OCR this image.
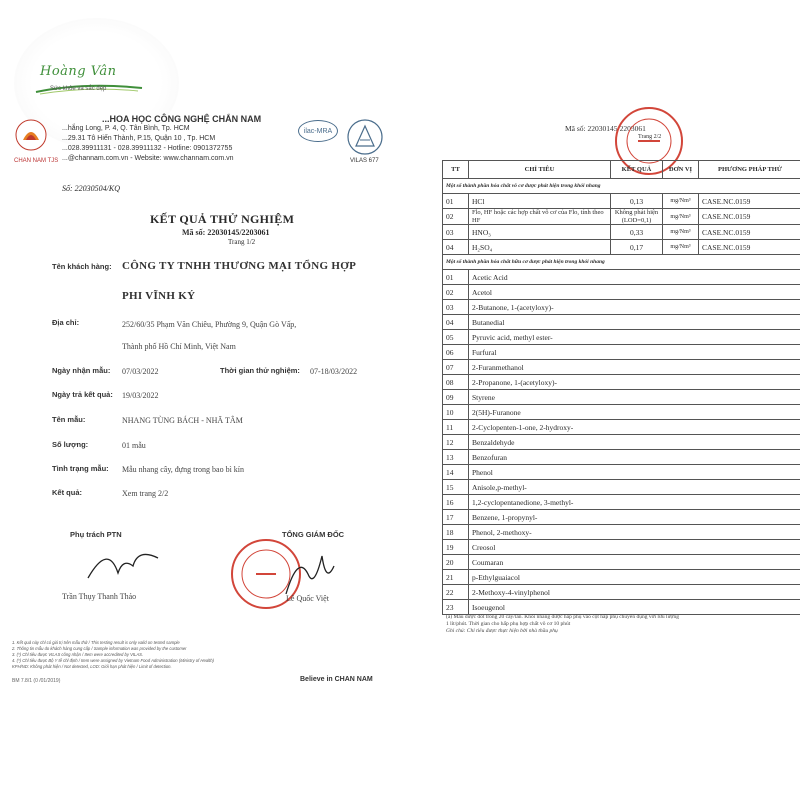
Hoàng Vân
Sức khỏe và sắc đẹp
CHAN NAM TJS
...HOA HỌC CÔNG NGHỆ CHẮN NAM
...hắng Long, P. 4, Q. Tân Bình, Tp. HCM
...29.31 Tô Hiến Thành, P.15, Quận 10 , Tp. HCM
...028.39911131 - 028.39911132 - Hotline: 0901372755
...@channam.com.vn - Website: www.channam.com.vn
ilac-MRA
VILAS 677
Số: 22030504/KQ
KẾT QUẢ THỬ NGHIỆM
Mã số: 22030145/2203061
Trang 1/2
Tên khách hàng: CÔNG TY TNHH THƯƠNG MẠI TỔNG HỢP
PHI VĨNH KÝ
Địa chỉ:	252/60/35 Phạm Văn Chiêu, Phường 9, Quận Gò Vấp,
Thành phố Hồ Chí Minh, Việt Nam
Ngày nhận mẫu: 07/03/2022	Thời gian thử nghiệm: 07-18/03/2022
Ngày trả kết quả: 19/03/2022
Tên mẫu:	NHANG TÙNG BÁCH - NHÃ TÂM
Số lượng:	01 mẫu
Tình trạng mẫu: Mẫu nhang cây, đựng trong bao bì kín
Kết quả:	Xem trang 2/2
Phụ trách PTN
Trần Thụy Thanh Thảo
TỔNG GIÁM ĐỐC
Lê Quốc Việt
1. Kết quả này chỉ có giá trị trên mẫu thử / This testing result is only valid on tested sample
2. Thông tin mẫu do khách hàng cung cấp / Sample information was provided by the customer
3. (*) Chỉ tiêu được VILAS công nhận / Item were accredited by VILAS.
4. (*) Chỉ tiêu được Bộ Y tế chỉ định / Item were assigned by Vietnam Food Administration (Ministry of Health)
KPH/ND: Không phát hiện / Not detected, LOD: Giới hạn phát hiện / Limit of detection.
BM 7.8/1 (0 /01/2019)	Believe in CHAN NAM
Mã số: 22030145/2203061
Trang 2/2
TT	CHỈ TIÊU	KẾT QUẢ	ĐƠN VỊ	PHƯƠNG PHÁP THỬ
Một số thành phần hóa chất vô cơ được phát hiện trong khói nhang				
01	HCl	0,13	mg/Nm³	CASE.NC.0159
02	Flo, HF hoặc các hợp chất vô cơ của Flo, tính theo HF	Không phát hiện (LOD=0,1)	mg/Nm³	CASE.NC.0159
03	HNO₃	0,33	mg/Nm³	CASE.NC.0159
04	H₂SO₄	0,17	mg/Nm³	CASE.NC.0159
Một số thành phần hóa chất hữu cơ được phát hiện trong khói nhang				
01	Acetic Acid			
02	Acetol			
03	2-Butanone, 1-(acetyloxy)-			
04	Butanedial			
05	Pyruvic acid, methyl ester-			
06	Furfural			
07	2-Furanmethanol			
08	2-Propanone, 1-(acetyloxy)-			
09	Styrene			
10	2(5H)-Furanone			
11	2-Cyclopenten-1-one, 2-hydroxy-			
12	Benzaldehyde			
13	Benzofuran			
14	Phenol			
15	Anisole,p-methyl-			
16	1,2-cyclopentanedione, 3-methyl-			
17	Benzene, 1-propynyl-			
18	Phenol, 2-methoxy-			
19	Creosol			
20	Coumaran			
21	p-Ethylguaiacol			
22	2-Methoxy-4-vinylphenol			
23	Isoeugenol			
(a) Mẫu được đốt trong 20 cây/lần. Khói nhang được hấp phụ vào cột hấp phụ chuyên dụng với lưu lượng
1 lít/phút. Thời gian cho hấp phụ hợp chất vô cơ 10 phút
Ghi chú: Chỉ tiêu được thực hiện bởi nhà thầu phụ
